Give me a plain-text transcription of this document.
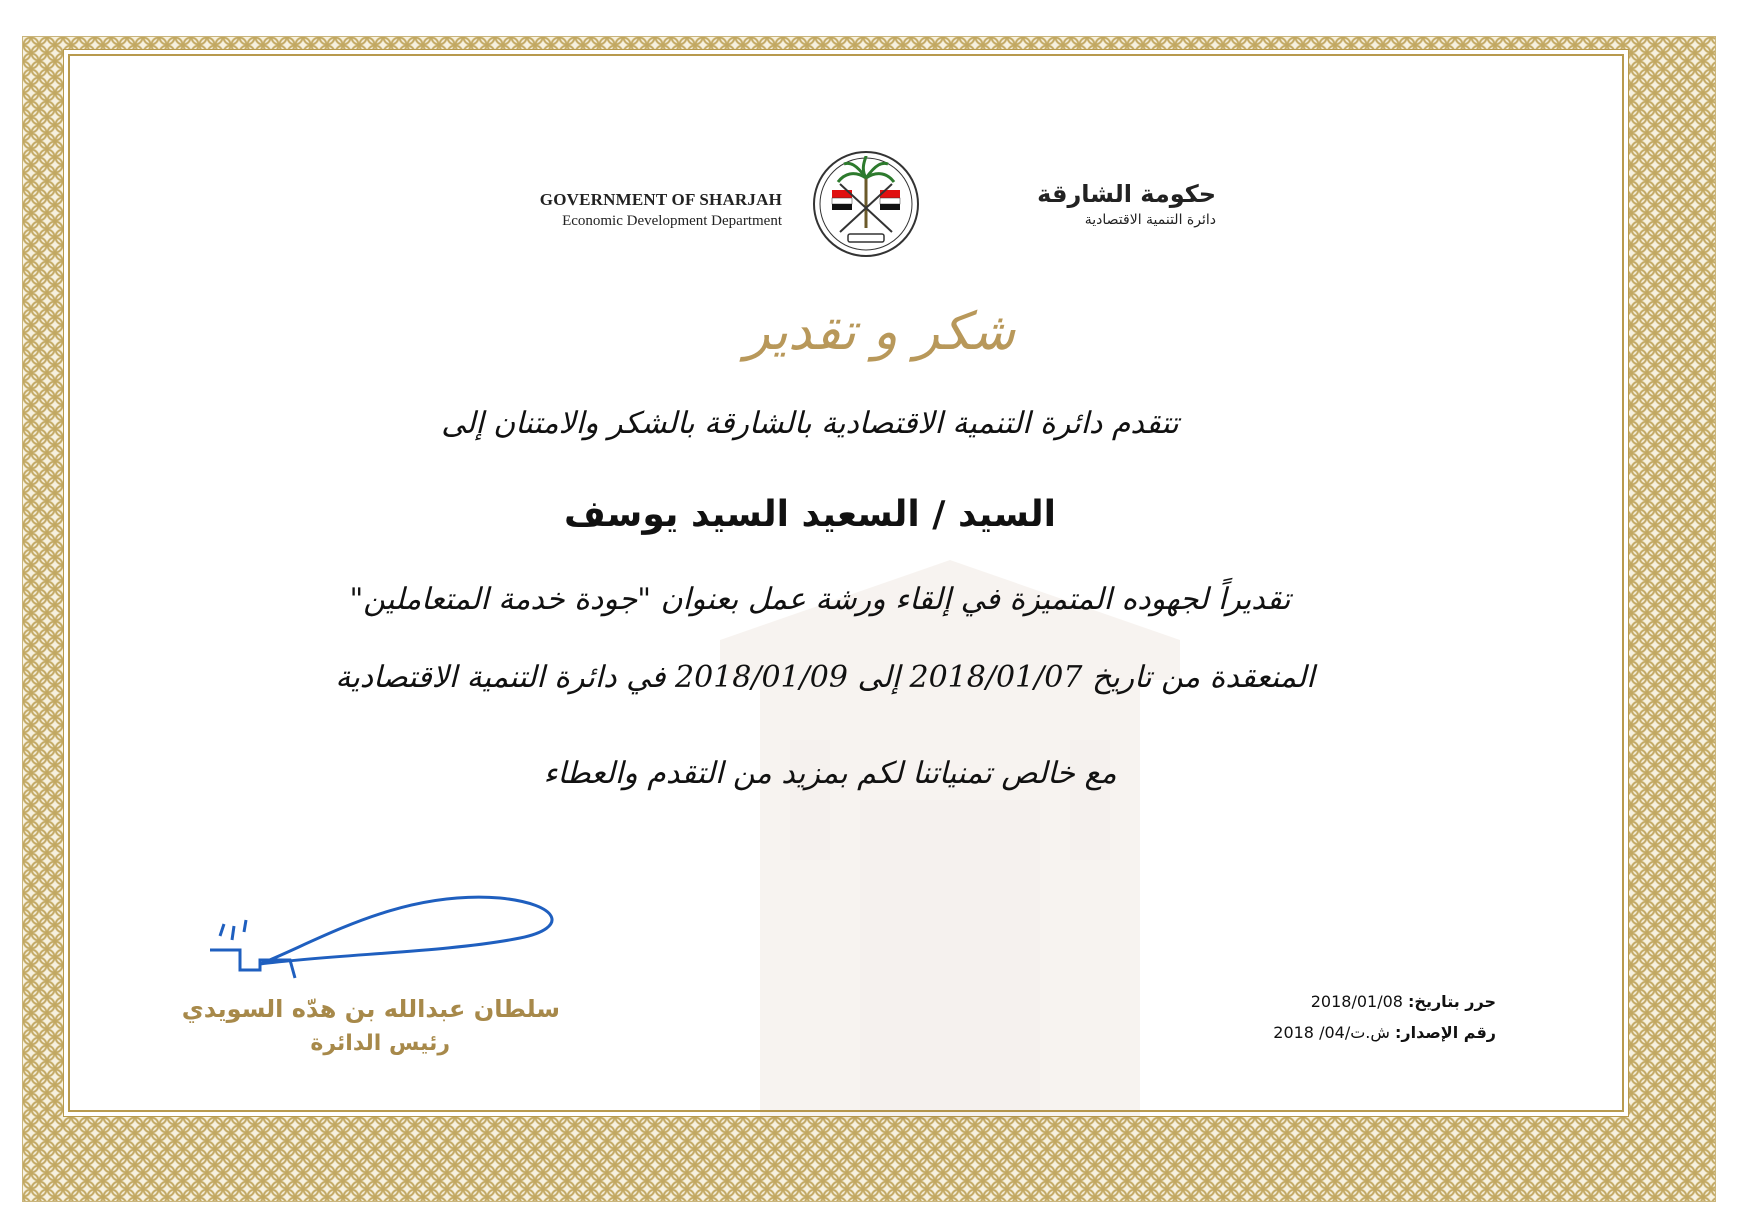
GOVERNMENT OF SHARJAH
Economic Development Department
حكومة الشارقة
دائرة التنمية الاقتصادية
شكر و تقدير
تتقدم دائرة التنمية الاقتصادية بالشارقة بالشكر والامتنان إلى
السيد / السعيد السيد يوسف
تقديراً لجهوده المتميزة في إلقاء ورشة عمل بعنوان "جودة خدمة المتعاملين"
المنعقدة من تاريخ 2018/01/07 إلى 2018/01/09 في دائرة التنمية الاقتصادية
مع خالص تمنياتنا لكم بمزيد من التقدم والعطاء
سلطان عبدالله بن هدّه السويدي
رئيس الدائرة
حرر بتاريخ: 2018/01/08
رقم الإصدار: ش.ت/04/ 2018
